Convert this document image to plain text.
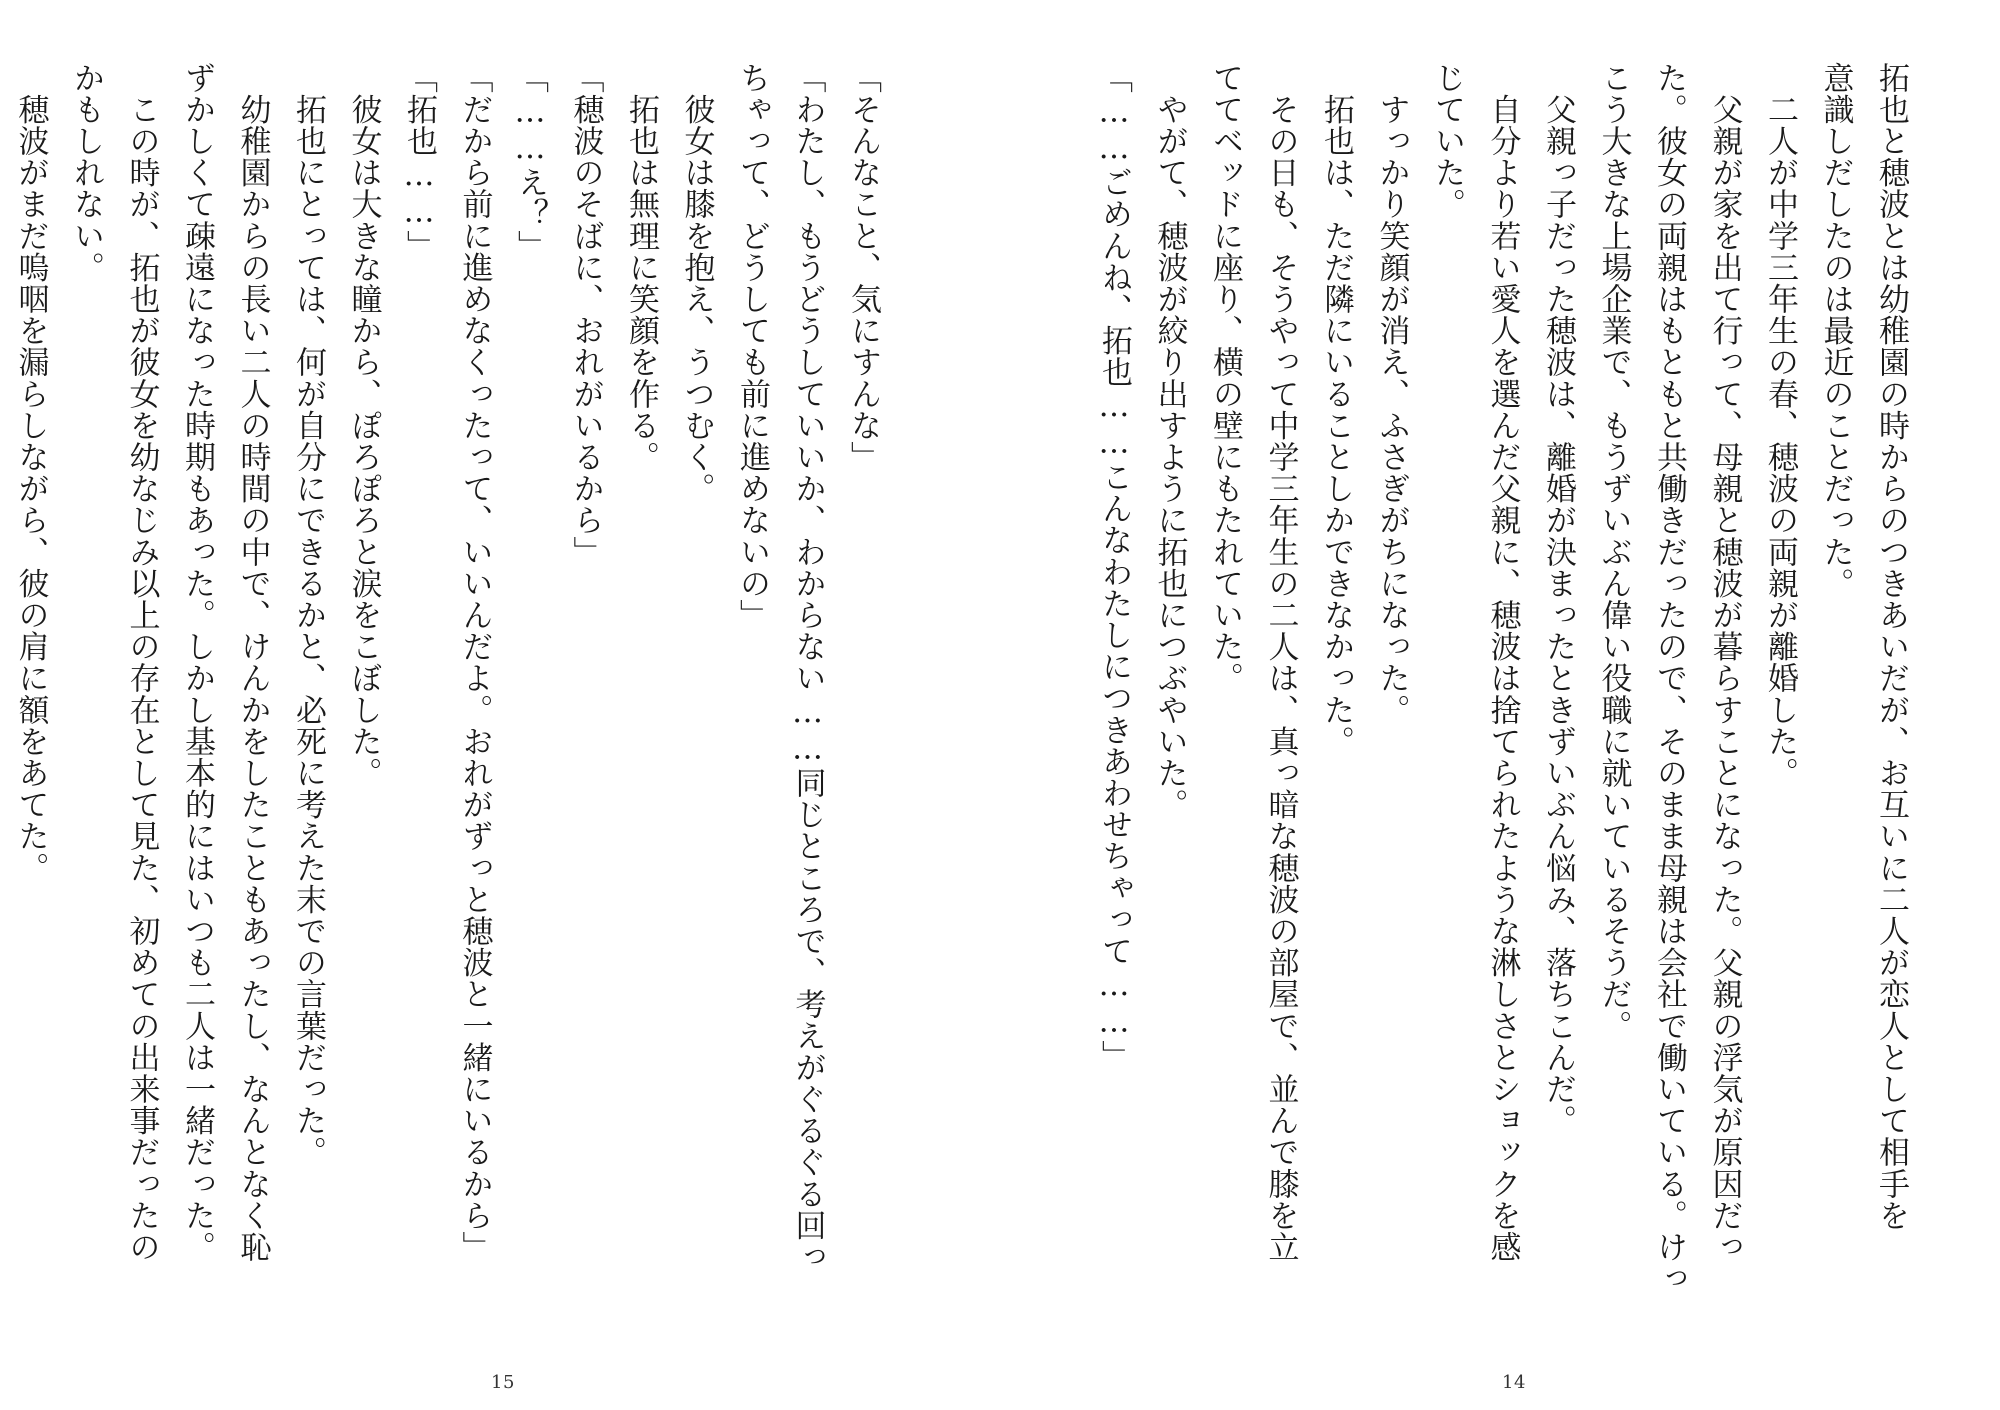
「そんなこと、気にすんな」

「わたし、もうどうしていいか、わからない……同じところで、考えがぐるぐる回っ

ちゃって、どうしても前に進めないの」

　彼女は膝を抱え、うつむく。

　拓也は無理に笑顔を作る。

「穂波のそばに、おれがいるから」

「……え？」

「だから前に進めなくったって、いいんだよ。おれがずっと穂波と一緒にいるから」

「拓也……」

　彼女は大きな瞳から、ぽろぽろと涙をこぼした。

　拓也にとっては、何が自分にできるかと、必死に考えた末での言葉だった。

　幼稚園からの長い二人の時間の中で、けんかをしたこともあったし、なんとなく恥

ずかしくて疎遠になった時期もあった。しかし基本的にはいつも二人は一緒だった。

　この時が、拓也が彼女を幼なじみ以上の存在として見た、初めての出来事だったの

かもしれない。

　穂波がまだ嗚咽を漏らしながら、彼の肩に額をあてた。

15

拓也と穂波とは幼稚園の時からのつきあいだが、お互いに二人が恋人として相手を

意識しだしたのは最近のことだった。

　二人が中学三年生の春、穂波の両親が離婚した。

　父親が家を出て行って、母親と穂波が暮らすことになった。父親の浮気が原因だっ

た。彼女の両親はもともと共働きだったので、そのまま母親は会社で働いている。けっ

こう大きな上場企業で、もうずいぶん偉い役職に就いているそうだ。

　父親っ子だった穂波は、離婚が決まったときずいぶん悩み、落ちこんだ。

　自分より若い愛人を選んだ父親に、穂波は捨てられたような淋しさとショックを感

じていた。

　すっかり笑顔が消え、ふさぎがちになった。

　拓也は、ただ隣にいることしかできなかった。

　その日も、そうやって中学三年生の二人は、真っ暗な穂波の部屋で、並んで膝を立

ててベッドに座り、横の壁にもたれていた。

　やがて、穂波が絞り出すように拓也につぶやいた。

「……ごめんね、拓也……こんなわたしにつきあわせちゃって……」

14
